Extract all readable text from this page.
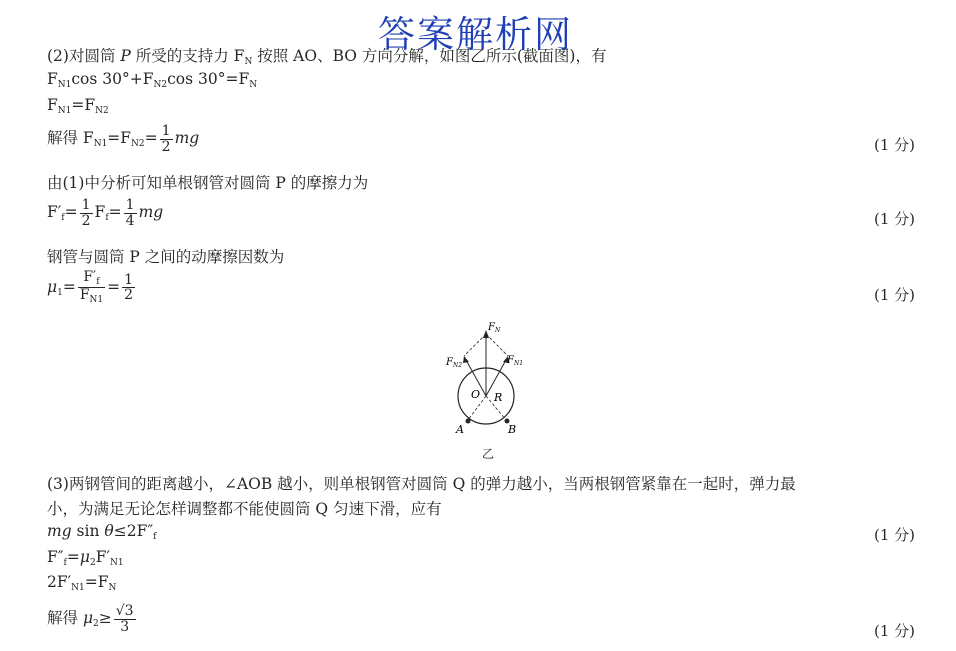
答案解析网
(2)对圆筒 P 所受的支持力 $F_N$ 按照 AO、BO 方向分解，如图乙所示(截面图)，有
$F_{N1}\cos$ $30^\circ+F_{N2}\cos$ $30^\circ=F_N$
$F_{N1}=F_{N2}$
解得 $F_{N1}=F_{N2}= \frac{1}{2}$ mg	(1 分)
由(1)中分析可知单根钢管对圆筒 P 的摩擦力为
$F'_f= \frac{1}{2} F_f= \frac{1}{4}$ mg	(1 分)
钢管与圆筒 P 之间的动摩擦因数为
$\mu_1= \frac{F'_f}{F_{N1}} = \frac{1}{2}$	(1 分)
$F_N$
$F_{N1}$
$F_{N2}$
O R
A	B
乙
(3)两钢管间的距离越小，∠AOB 越小，则单根钢管对圆筒 Q 的弹力越小，当两根钢管紧靠在一起时，弹力最
小，为满足无论怎样调整都不能使圆筒 Q 匀速下滑，应有
mg $\sin \theta\le 2F''_f$	(1 分)
$F''_f=\mu_2F'_{N1}$
$2F'_{N1}=F_N$
解得 $\mu_2\ge \frac{√3}{3}$	(1 分)
